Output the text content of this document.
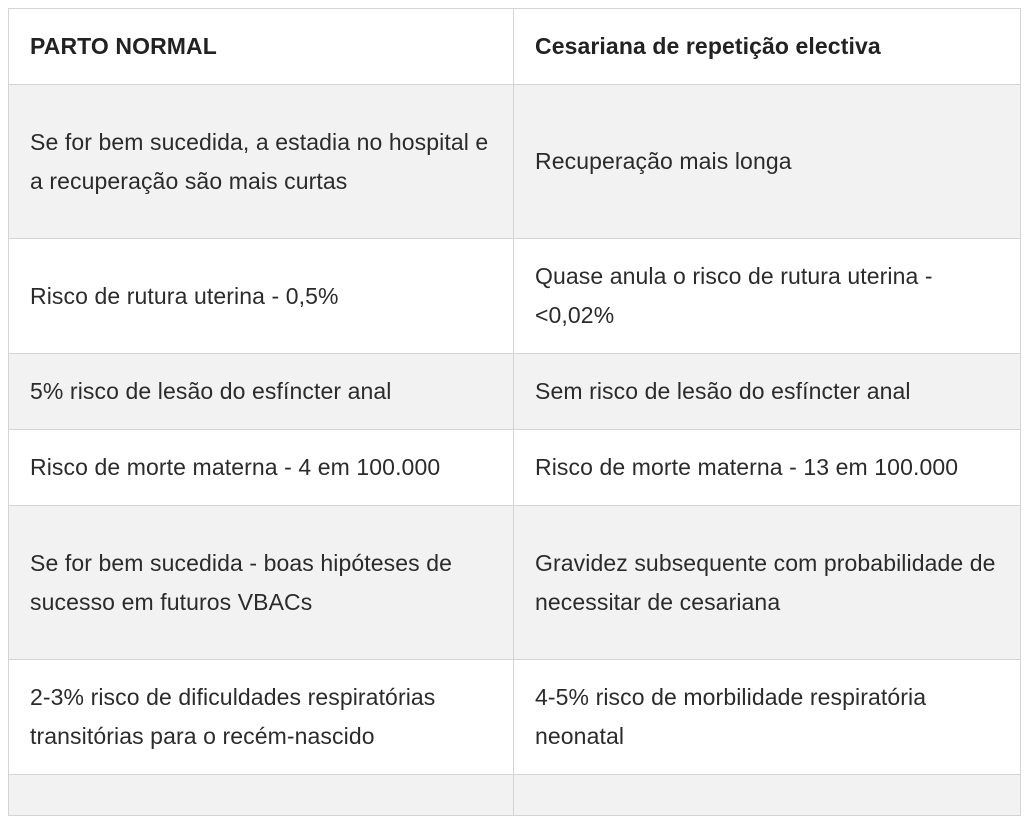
PARTO NORMAL	Cesariana de repetição electiva
Se for bem sucedida, a estadia no hospital e a recuperação são mais curtas	Recuperação mais longa
Risco de rutura uterina - 0,5%	Quase anula o risco de rutura uterina - <0,02%
5% risco de lesão do esfíncter anal	Sem risco de lesão do esfíncter anal
Risco de morte materna - 4 em 100.000	Risco de morte materna - 13 em 100.000
Se for bem sucedida - boas hipóteses de sucesso em futuros VBACs	Gravidez subsequente com probabilidade de necessitar de cesariana
2-3% risco de dificuldades respiratórias transitórias para o recém-nascido	4-5% risco de morbilidade respiratória neonatal
